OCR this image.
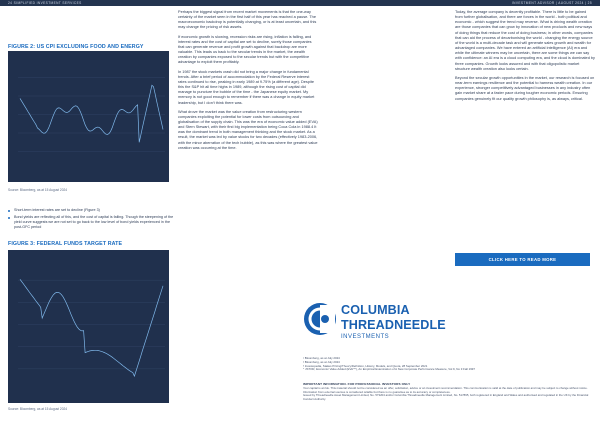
24 SIMPLIFIED INVESTMENT SERVICES	INVESTMENT ADVISOR | AUGUST 2024 | 25
FIGURE 2: US CPI EXCLUDING FOOD AND ENERGY
Source: Bloomberg, as at 15 August 2024
Short-term interest rates are set to decline (Figure 3)
Bond yields are reflecting all of this, and the cost of capital is falling. Though the steepening of the yield curve suggests we are not set to go back to the low level of bond yields experienced in the post-GFC period
FIGURE 3: FEDERAL FUNDS TARGET RATE
Source: Bloomberg, as at 15 August 2024

Perhaps the biggest signal from recent market movements is that the one-way certainty of the market seen in the first half of this year has reached a pause. The macroeconomic backdrop is potentially changing, or is at least uncertain, and this may change the pricing of risk assets.

If economic growth is slowing, recession risks are rising, inflation is falling, and interest rates and the cost of capital are set to decline, surely those companies that can generate revenue and profit growth against that backdrop are more valuable. This leads us back to the secular trends in the market, the wealth creation by companies exposed to the secular trends but with the competitive advantage to exploit them profitably.

In 1987 the stock markets crash did not bring a major change in fundamental trends. After a brief period of accommodation by the Federal Reserve interest rates continued to rise, peaking in early 1989 at 9.75% (a different age). Despite this the S&P hit all time highs in 1989, although the rising cost of capital did manage to puncture the bubble of the time - the Japanese equity market. My memory is not good enough to remember if there was a change in equity market leadership, but I don't think there was.

What drove the market was the value creation from restructuring western companies exploiting the potential for lower costs from outsourcing and globalisation of the supply chain. This was the era of economic value added (EVA) and Stern Stewart, with their first big implementation being Coca Cola in 1988.4 It was the dominant trend in both management thinking and the stock market. As a result, the market was led by value stocks for two decades (effectively 1983-2006, with the minor aberration of the tech bubble), as this was where the greatest value creation was occurring at the time.

Today, the average company is decently profitable. There is little to be gained from further globalisation, and there are forces in the world - both political and economic - which suggest the trend may reverse. What is driving wealth creation are those companies that can grow by innovation of new products and new ways of doing things that reduce the cost of doing business; in other words, companies that can aid the process of decarbonising the world - changing the energy source of the world is a multi-decade task and will generate sales growth and wealth for advantaged companies. We have entered an artificial intelligence (AI) era and while the ultimate winners may be uncertain, there are some things we can say with confidence: an AI era is a cloud computing era, and the cloud is dominated by three companies. Growth looks assured and with that oligopolistic market structure wealth creation also looks certain.

Beyond the secular growth opportunities in the market, our research is focused on near-term earnings resilience and the potential to harness wealth creation. In our experience, stronger competitively advantaged businesses in any industry often gain market share at a faster pace during tougher economic periods. Ensuring companies genuinely fit our quality growth philosophy is, as always, critical.

CLICK HERE TO READ MORE
COLUMBIA
THREADNEEDLE
INVESTMENTS
¹ Bloomberg, as at July 2024
² Bloomberg, as at July 2024
³ Investopedia, Stakes Pricing/Theory/Definition, History, Models, and Quota, 28 September 2021
⁴ JSTOR, Economic Value Added (EVA™), An Empirical Examination of A New Corporate Performance Measure, Vol 9, No 3 Fall 1997
IMPORTANT INFORMATION. FOR PROFESSIONAL INVESTORS ONLY
Your capital is at risk. This material should not be considered as an offer, solicitation, advice or an investment recommendation. This communication is valid at the date of publication and may be subject to change without notice. Information from external sources is considered reliable but there is no guarantee as to its accuracy or completeness.
Issued by Threadneedle Asset Management Limited, No. 573204 and/or Columbia Threadneedle Management Limited, No. 517895, both registered in England and Wales and authorised and regulated in the UK by the Financial Conduct Authority.
